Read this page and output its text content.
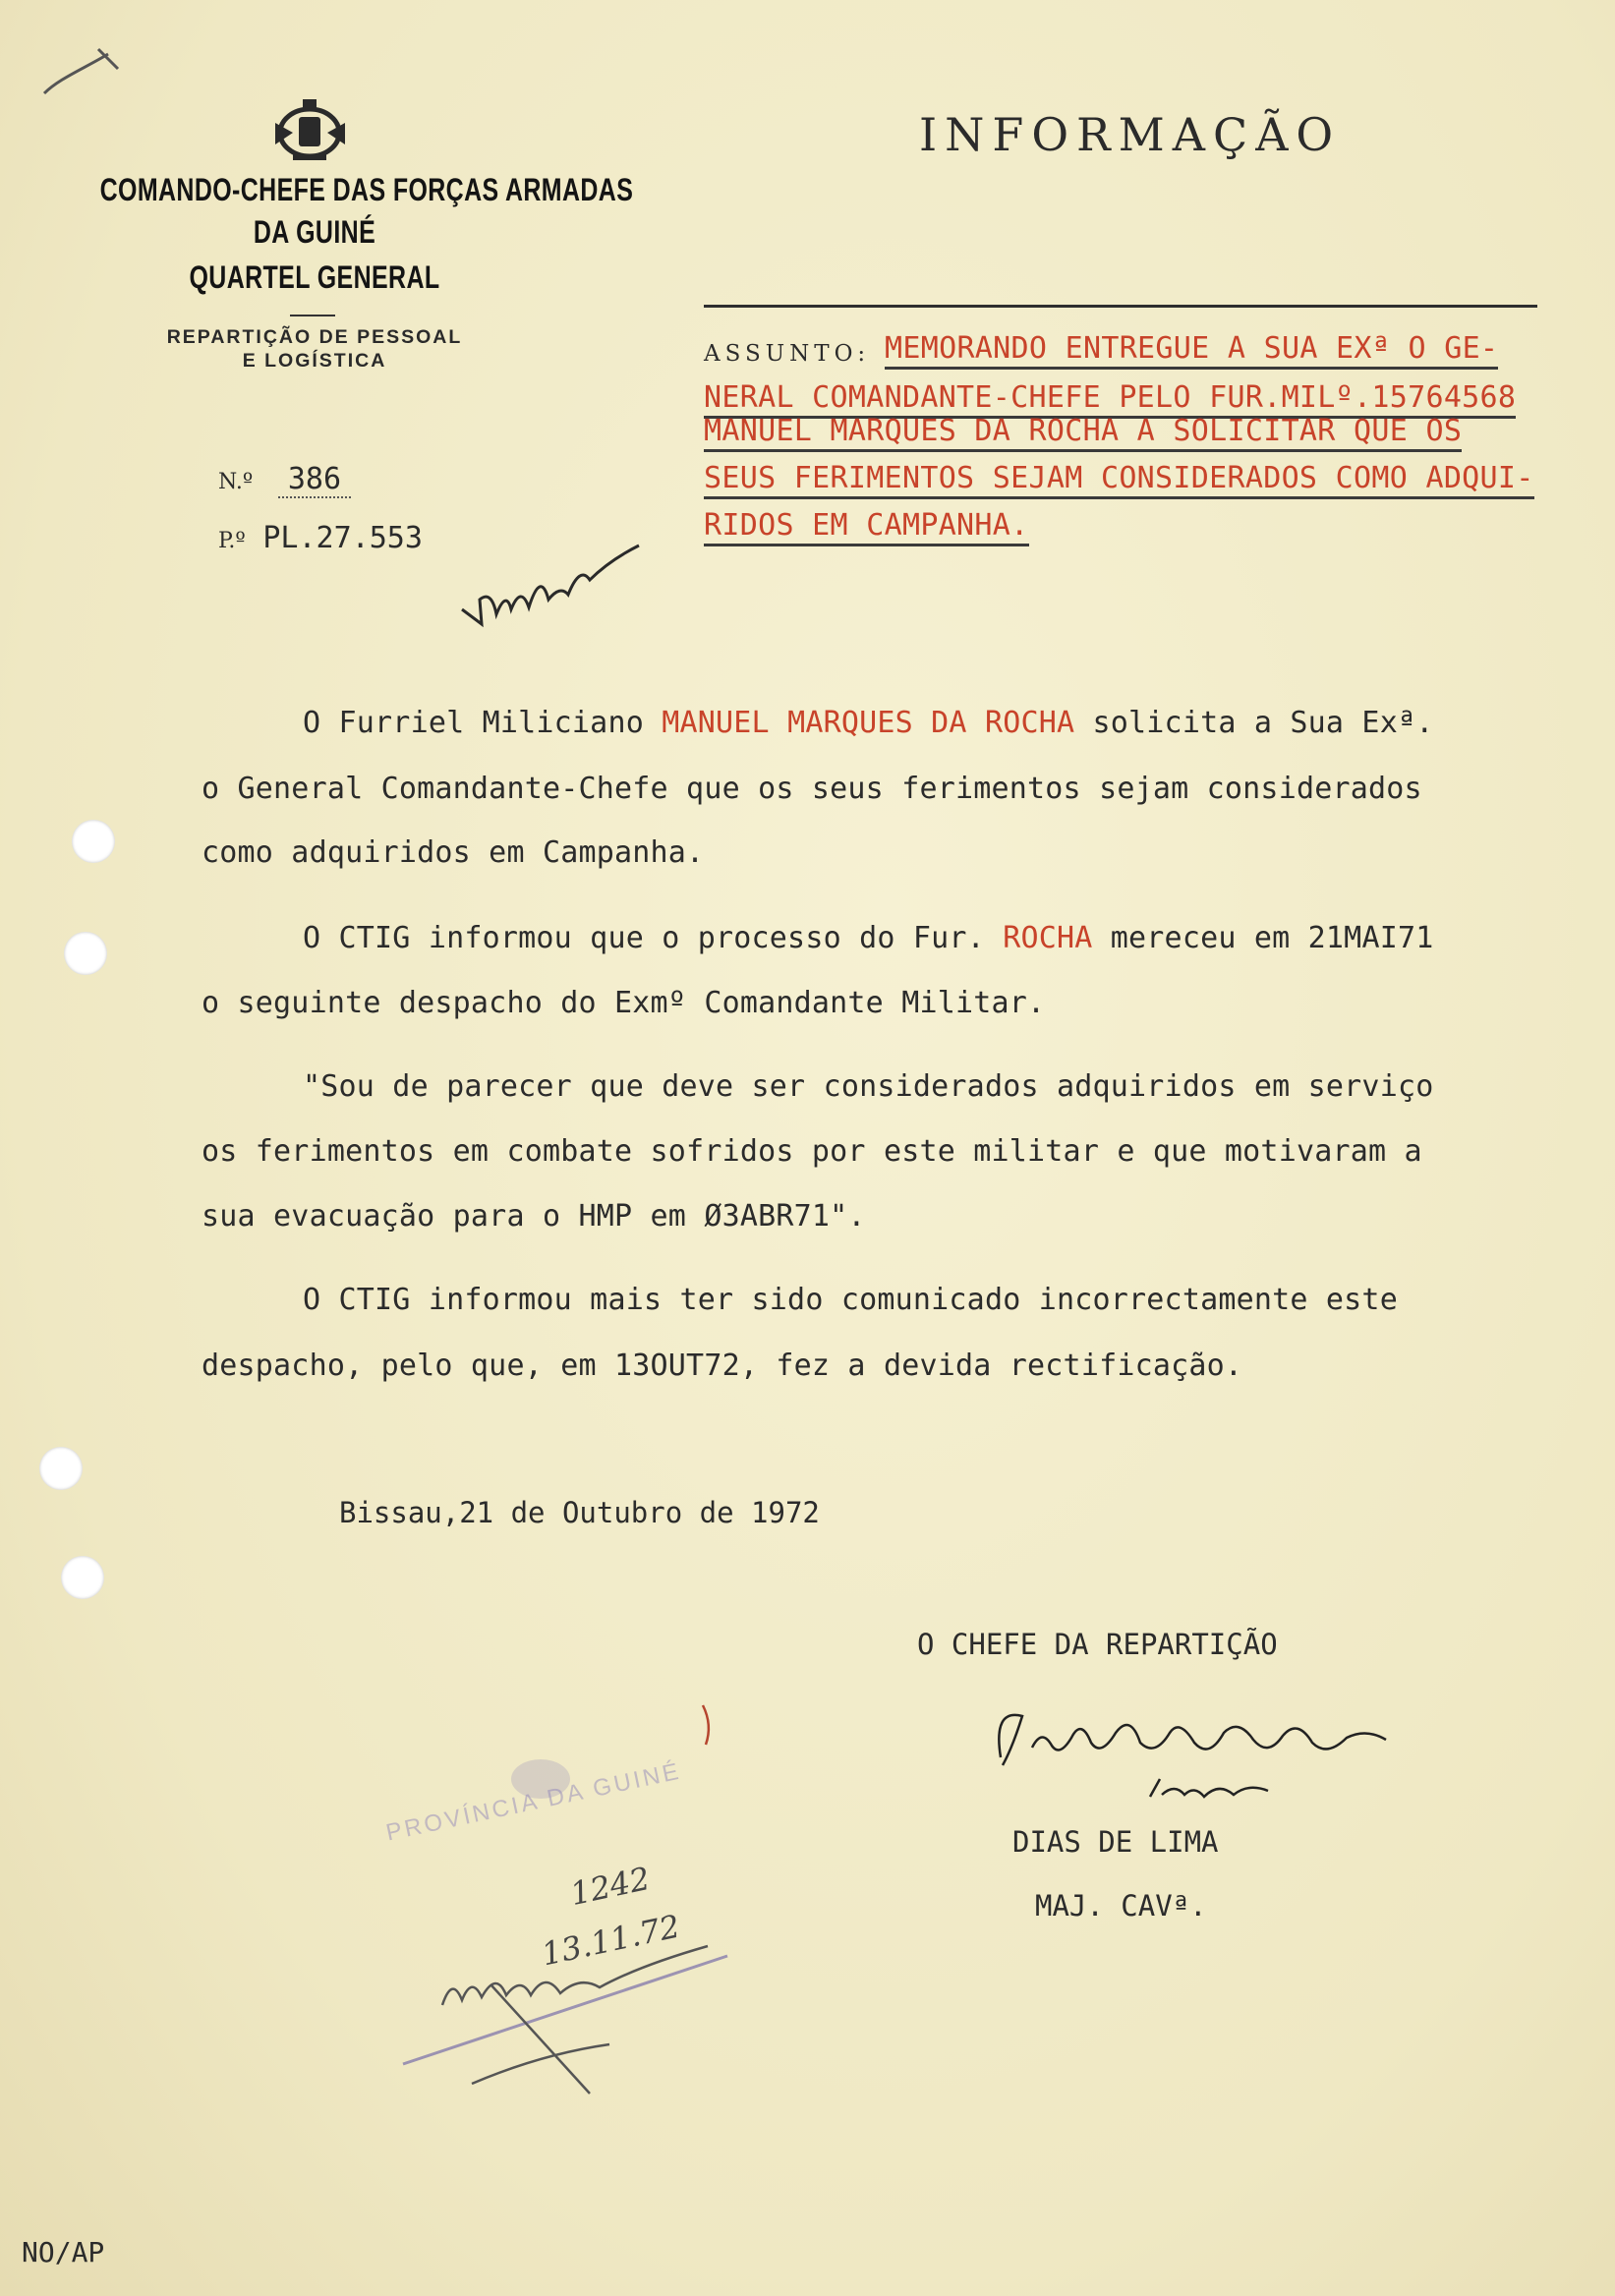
COMANDO-CHEFE DAS FORÇAS ARMADAS
DA GUINÉ
QUARTEL GENERAL
REPARTIÇÃO DE PESSOAL
E LOGÍSTICA
N.º 386
P.º PL.27.553
INFORMAÇÃO
ASSUNTO: MEMORANDO ENTREGUE A SUA EXª O GE-
NERAL COMANDANTE-CHEFE PELO FUR.MILº.15764568
MANUEL MARQUES DA ROCHA A SOLICITAR QUE OS
SEUS FERIMENTOS SEJAM CONSIDERADOS COMO ADQUI-
RIDOS EM CAMPANHA.
O Furriel Miliciano MANUEL MARQUES DA ROCHA solicita a Sua Exª.
o General Comandante-Chefe que os seus ferimentos sejam considerados
como adquiridos em Campanha.
O CTIG informou que o processo do Fur. ROCHA mereceu em 21MAI71
o seguinte despacho do Exmº Comandante Militar.
"Sou de parecer que deve ser considerados adquiridos em serviço
os ferimentos em combate sofridos por este militar e que motivaram a
sua evacuação para o HMP em Ø3ABR71".
O CTIG informou mais ter sido comunicado incorrectamente este
despacho, pelo que, em 13OUT72, fez a devida rectificação.
Bissau,21 de Outubro de 1972
O CHEFE DA REPARTIÇÃO
DIAS DE LIMA
MAJ. CAVª.
PROVÍNCIA DA GUINÉ
1242
13.11.72
NO/AP
